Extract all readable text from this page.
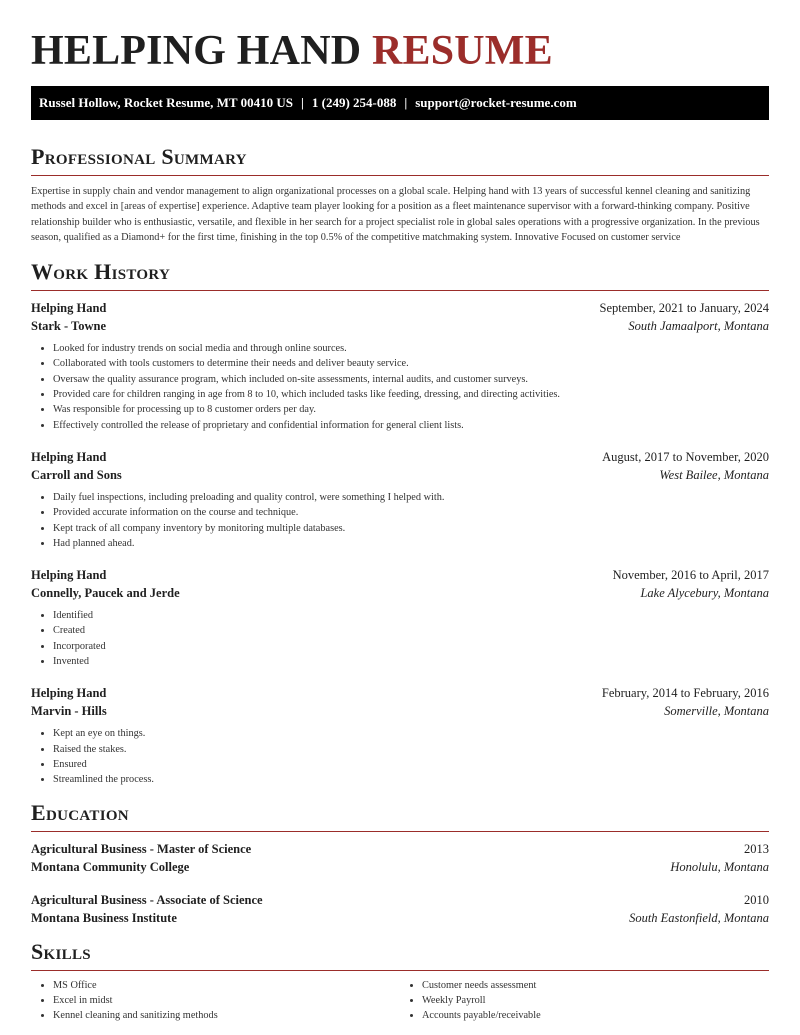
HELPING HAND RESUME
Russel Hollow, Rocket Resume, MT 00410 US | 1 (249) 254-088 | support@rocket-resume.com
Professional Summary

Expertise in supply chain and vendor management to align organizational processes on a global scale. Helping hand with 13 years of successful kennel cleaning and sanitizing methods and excel in [areas of expertise] experience. Adaptive team player looking for a position as a fleet maintenance supervisor with a forward-thinking company. Positive relationship builder who is enthusiastic, versatile, and flexible in her search for a project specialist role in global sales operations with a progressive organization. In the previous season, qualified as a Diamond+ for the first time, finishing in the top 0.5% of the competitive matchmaking system. Innovative Focused on customer service

Work History
Helping Hand	September, 2021 to January, 2024
Stark - Towne	South Jamaalport, Montana
• Looked for industry trends on social media and through online sources.
• Collaborated with tools customers to determine their needs and deliver beauty service.
• Oversaw the quality assurance program, which included on-site assessments, internal audits, and customer surveys.
• Provided care for children ranging in age from 8 to 10, which included tasks like feeding, dressing, and directing activities.
• Was responsible for processing up to 8 customer orders per day.
• Effectively controlled the release of proprietary and confidential information for general client lists.
Helping Hand	August, 2017 to November, 2020
Carroll and Sons	West Bailee, Montana
• Daily fuel inspections, including preloading and quality control, were something I helped with.
• Provided accurate information on the course and technique.
• Kept track of all company inventory by monitoring multiple databases.
• Had planned ahead.
Helping Hand	November, 2016 to April, 2017
Connelly, Paucek and Jerde	Lake Alycebury, Montana
• Identified
• Created
• Incorporated
• Invented
Helping Hand	February, 2014 to February, 2016
Marvin - Hills	Somerville, Montana
• Kept an eye on things.
• Raised the stakes.
• Ensured
• Streamlined the process.
Education
Agricultural Business - Master of Science	2013
Montana Community College	Honolulu, Montana
Agricultural Business - Associate of Science	2010
Montana Business Institute	South Eastonfield, Montana
Skills
• MS Office
• Excel in midst
• Kennel cleaning and sanitizing methods
• Customer needs assessment
• Weekly Payroll
• Accounts payable/receivable
